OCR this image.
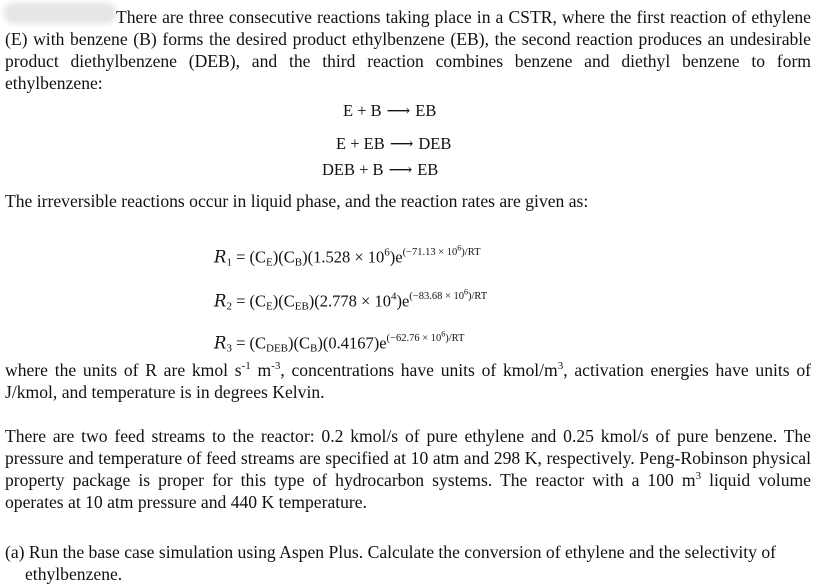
There are three consecutive reactions taking place in a CSTR, where the first reaction of ethylene (E) with benzene (B) forms the desired product ethylbenzene (EB), the second reaction produces an undesirable product diethylbenzene (DEB), and the third reaction combines benzene and diethyl benzene to form ethylbenzene:

E + B ⟶ EB
E + EB ⟶ DEB
DEB + B ⟶ EB

The irreversible reactions occur in liquid phase, and the reaction rates are given as:

$R_1 = (C_E)(C_B)(1.528 \times 10^6)e^{(-71.13 \times 10^6)/RT}$
$R_2 = (C_E)(C_{EB})(2.778 \times 10^4)e^{(-83.68 \times 10^6)/RT}$
$R_3 = (C_{DEB})(C_B)(0.4167)e^{(-62.76 \times 10^6)/RT}$

where the units of R are kmol $s^{-1}$ $m^{-3}$, concentrations have units of kmol/$m^3$, activation energies have units of J/kmol, and temperature is in degrees Kelvin.

There are two feed streams to the reactor: 0.2 kmol/s of pure ethylene and 0.25 kmol/s of pure benzene. The pressure and temperature of feed streams are specified at 10 atm and 298 K, respectively. Peng-Robinson physical property package is proper for this type of hydrocarbon systems. The reactor with a 100 $m^3$ liquid volume operates at 10 atm pressure and 440 K temperature.

(a) Run the base case simulation using Aspen Plus. Calculate the conversion of ethylene and the selectivity of ethylbenzene.
